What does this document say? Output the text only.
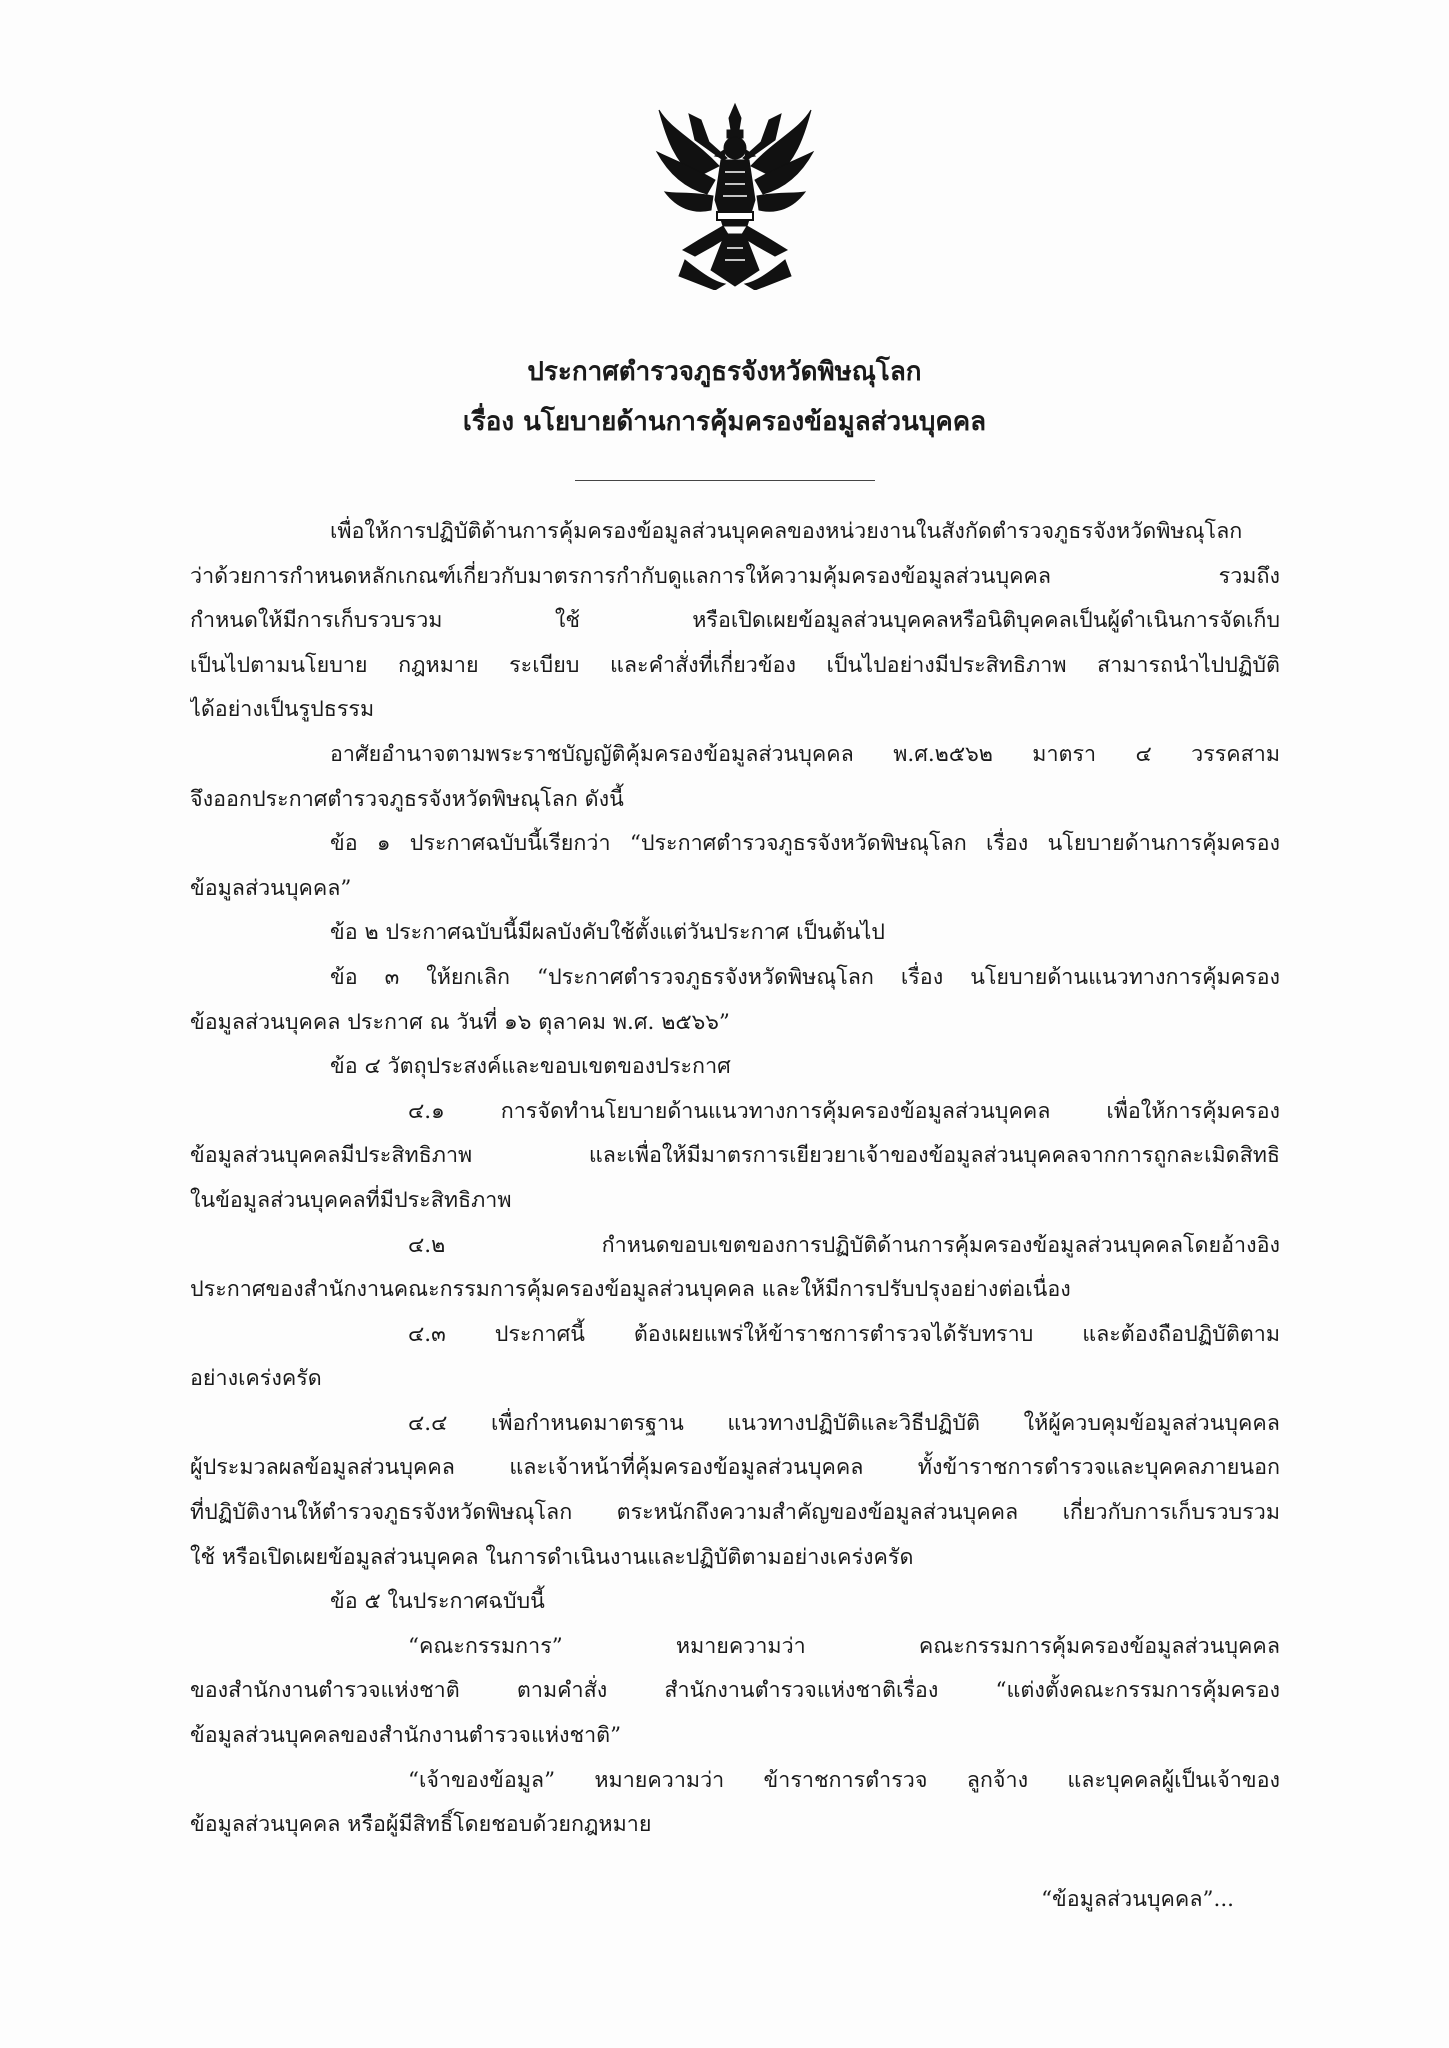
ประกาศตำรวจภูธรจังหวัดพิษณุโลก
เรื่อง นโยบายด้านการคุ้มครองข้อมูลส่วนบุคคล
เพื่อให้การปฏิบัติด้านการคุ้มครองข้อมูลส่วนบุคคลของหน่วยงานในสังกัดตำรวจภูธรจังหวัดพิษณุโลก
ว่าด้วยการกำหนดหลักเกณฑ์เกี่ยวกับมาตรการกำกับดูแลการให้ความคุ้มครองข้อมูลส่วนบุคคล รวมถึง
กำหนดให้มีการเก็บรวบรวม ใช้ หรือเปิดเผยข้อมูลส่วนบุคคลหรือนิติบุคคลเป็นผู้ดำเนินการจัดเก็บ
เป็นไปตามนโยบาย กฎหมาย ระเบียบ และคำสั่งที่เกี่ยวข้อง เป็นไปอย่างมีประสิทธิภาพ สามารถนำไปปฏิบัติ
ได้อย่างเป็นรูปธรรม
อาศัยอำนาจตามพระราชบัญญัติคุ้มครองข้อมูลส่วนบุคคล พ.ศ.๒๕๖๒ มาตรา ๔ วรรคสาม
จึงออกประกาศตำรวจภูธรจังหวัดพิษณุโลก ดังนี้
ข้อ ๑ ประกาศฉบับนี้เรียกว่า “ประกาศตำรวจภูธรจังหวัดพิษณุโลก เรื่อง นโยบายด้านการคุ้มครอง
ข้อมูลส่วนบุคคล”
ข้อ ๒ ประกาศฉบับนี้มีผลบังคับใช้ตั้งแต่วันประกาศ เป็นต้นไป
ข้อ ๓ ให้ยกเลิก “ประกาศตำรวจภูธรจังหวัดพิษณุโลก เรื่อง นโยบายด้านแนวทางการคุ้มครอง
ข้อมูลส่วนบุคคล ประกาศ ณ วันที่ ๑๖ ตุลาคม พ.ศ. ๒๕๖๖”
ข้อ ๔ วัตถุประสงค์และขอบเขตของประกาศ
๔.๑ การจัดทำนโยบายด้านแนวทางการคุ้มครองข้อมูลส่วนบุคคล เพื่อให้การคุ้มครอง
ข้อมูลส่วนบุคคลมีประสิทธิภาพ และเพื่อให้มีมาตรการเยียวยาเจ้าของข้อมูลส่วนบุคคลจากการถูกละเมิดสิทธิ
ในข้อมูลส่วนบุคคลที่มีประสิทธิภาพ
๔.๒ กำหนดขอบเขตของการปฏิบัติด้านการคุ้มครองข้อมูลส่วนบุคคลโดยอ้างอิง
ประกาศของสำนักงานคณะกรรมการคุ้มครองข้อมูลส่วนบุคคล และให้มีการปรับปรุงอย่างต่อเนื่อง
๔.๓ ประกาศนี้ ต้องเผยแพร่ให้ข้าราชการตำรวจได้รับทราบ และต้องถือปฏิบัติตาม
อย่างเคร่งครัด
๔.๔ เพื่อกำหนดมาตรฐาน แนวทางปฏิบัติและวิธีปฏิบัติ ให้ผู้ควบคุมข้อมูลส่วนบุคคล
ผู้ประมวลผลข้อมูลส่วนบุคคล และเจ้าหน้าที่คุ้มครองข้อมูลส่วนบุคคล ทั้งข้าราชการตำรวจและบุคคลภายนอก
ที่ปฏิบัติงานให้ตำรวจภูธรจังหวัดพิษณุโลก ตระหนักถึงความสำคัญของข้อมูลส่วนบุคคล เกี่ยวกับการเก็บรวบรวม
ใช้ หรือเปิดเผยข้อมูลส่วนบุคคล ในการดำเนินงานและปฏิบัติตามอย่างเคร่งครัด
ข้อ ๕ ในประกาศฉบับนี้
“คณะกรรมการ” หมายความว่า คณะกรรมการคุ้มครองข้อมูลส่วนบุคคล
ของสำนักงานตำรวจแห่งชาติ ตามคำสั่ง สำนักงานตำรวจแห่งชาติเรื่อง “แต่งตั้งคณะกรรมการคุ้มครอง
ข้อมูลส่วนบุคคลของสำนักงานตำรวจแห่งชาติ”
“เจ้าของข้อมูล” หมายความว่า ข้าราชการตำรวจ ลูกจ้าง และบุคคลผู้เป็นเจ้าของ
ข้อมูลส่วนบุคคล หรือผู้มีสิทธิ์โดยชอบด้วยกฎหมาย
“ข้อมูลส่วนบุคคล”...
